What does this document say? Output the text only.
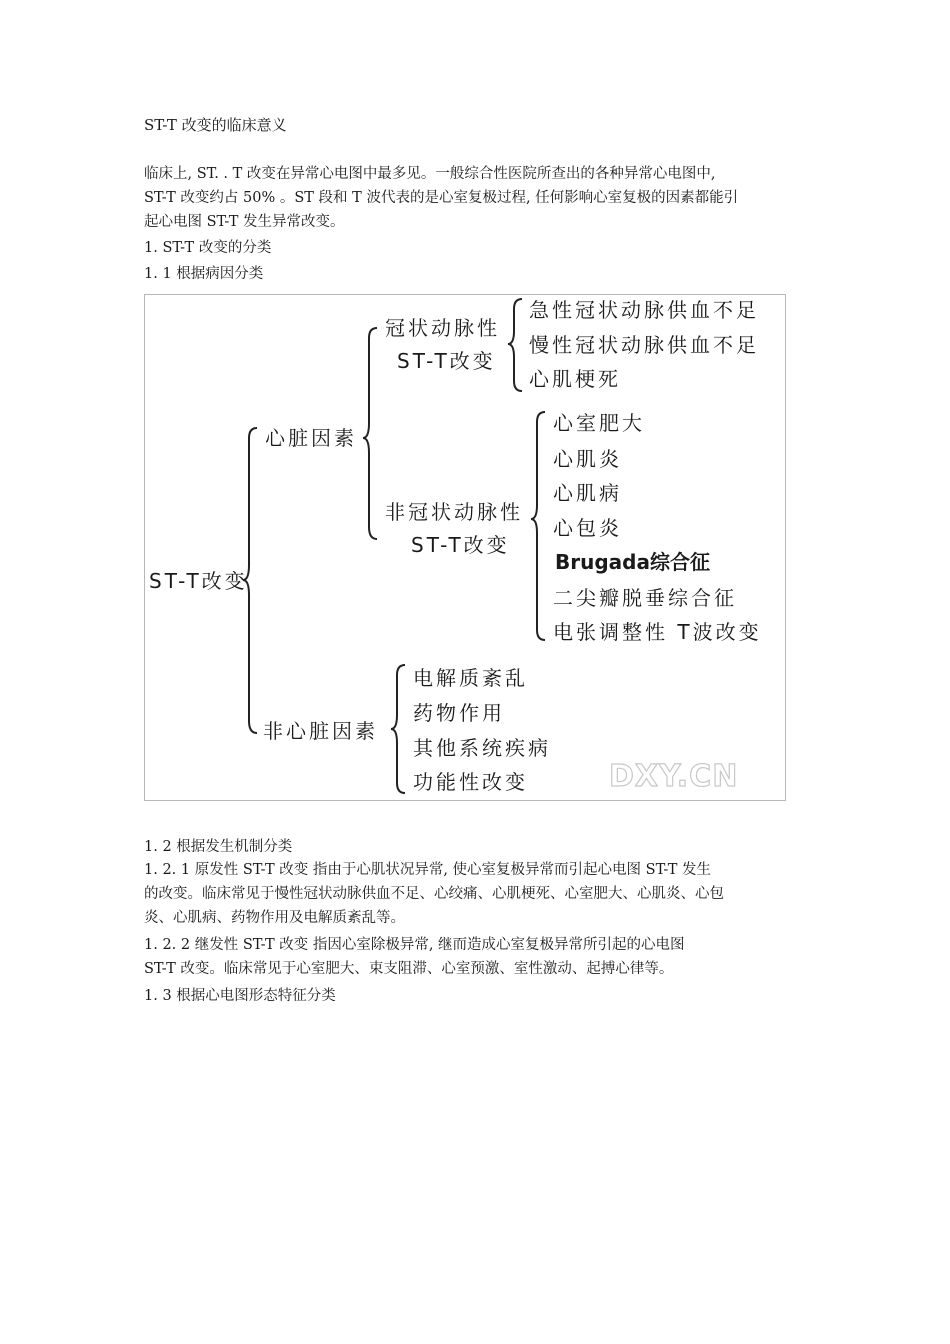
ST-T 改变的临床意义
临床上, ST. . T 改变在异常心电图中最多见。一般综合性医院所查出的各种异常心电图中,
ST-T 改变约占 50% 。ST 段和 T 波代表的是心室复极过程, 任何影响心室复极的因素都能引
起心电图 ST-T 发生异常改变。
1. ST-T 改变的分类
1. 1 根据病因分类
ST-T改变
心脏因素
非心脏因素
冠状动脉性
ST-T改变
急性冠状动脉供血不足
慢性冠状动脉供血不足
心肌梗死
非冠状动脉性
ST-T改变
心室肥大
心肌炎
心肌病
心包炎
Brugada综合征
二尖瓣脱垂综合征
电张调整性 T波改变
电解质紊乱
药物作用
其他系统疾病
功能性改变	DXY.CN
1. 2 根据发生机制分类
1. 2. 1 原发性 ST-T 改变 指由于心肌状况异常, 使心室复极异常而引起心电图 ST-T 发生
的改变。临床常见于慢性冠状动脉供血不足、心绞痛、心肌梗死、心室肥大、心肌炎、心包
炎、心肌病、药物作用及电解质紊乱等。
1. 2. 2 继发性 ST-T 改变 指因心室除极异常, 继而造成心室复极异常所引起的心电图
ST-T 改变。临床常见于心室肥大、束支阻滞、心室预激、室性激动、起搏心律等。
1. 3 根据心电图形态特征分类
